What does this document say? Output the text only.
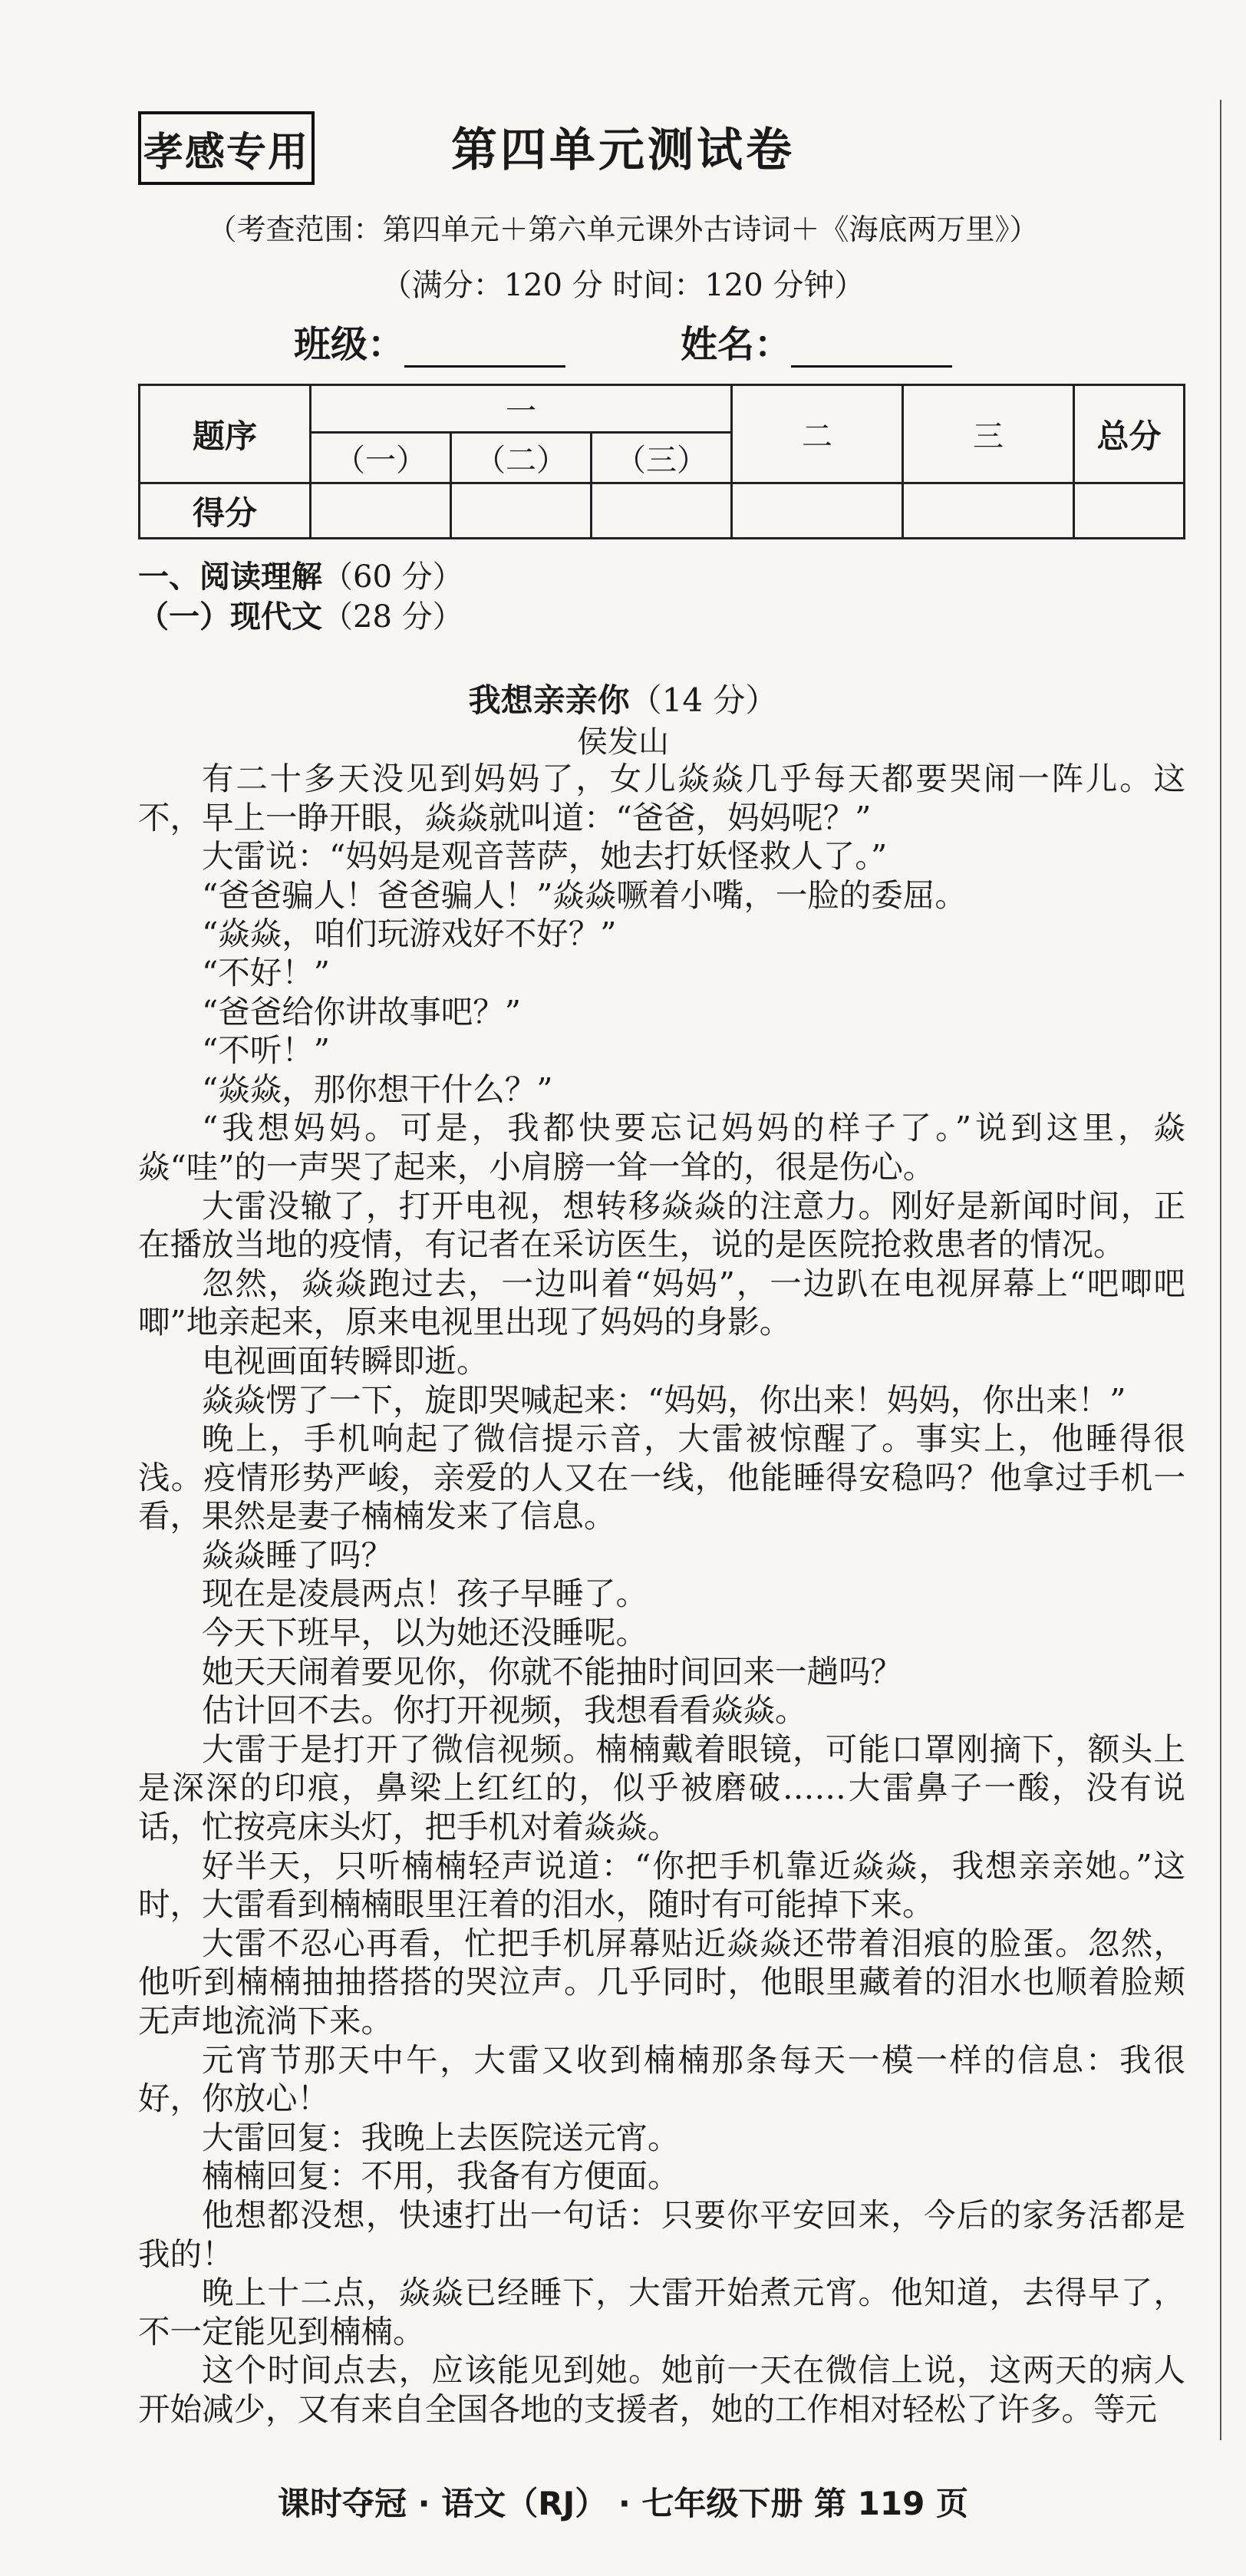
孝感专用	第四单元测试卷
（考查范围：第四单元＋第六单元课外古诗词＋《海底两万里》）
（满分：120 分 时间：120 分钟）
班级：	姓名：
题序	一			二	三	总分
	（一）	（二）	（三）			
得分						
一、阅读理解（60 分）
（一）现代文（28 分）
我想亲亲你（14 分）
侯发山

有二十多天没见到妈妈了，女儿焱焱几乎每天都要哭闹一阵儿。这不，早上一睁开眼，焱焱就叫道：“爸爸，妈妈呢？”

大雷说：“妈妈是观音菩萨，她去打妖怪救人了。”

“爸爸骗人！爸爸骗人！”焱焱噘着小嘴，一脸的委屈。

“焱焱，咱们玩游戏好不好？”

“不好！”

“爸爸给你讲故事吧？”

“不听！”

“焱焱，那你想干什么？”

“我想妈妈。可是，我都快要忘记妈妈的样子了。”说到这里，焱焱“哇”的一声哭了起来，小肩膀一耸一耸的，很是伤心。

大雷没辙了，打开电视，想转移焱焱的注意力。刚好是新闻时间，正在播放当地的疫情，有记者在采访医生，说的是医院抢救患者的情况。

忽然，焱焱跑过去，一边叫着“妈妈”，一边趴在电视屏幕上“吧唧吧唧”地亲起来，原来电视里出现了妈妈的身影。

电视画面转瞬即逝。

焱焱愣了一下，旋即哭喊起来：“妈妈，你出来！妈妈，你出来！”

晚上，手机响起了微信提示音，大雷被惊醒了。事实上，他睡得很浅。疫情形势严峻，亲爱的人又在一线，他能睡得安稳吗？他拿过手机一看，果然是妻子楠楠发来了信息。

焱焱睡了吗？

现在是凌晨两点！孩子早睡了。

今天下班早，以为她还没睡呢。

她天天闹着要见你，你就不能抽时间回来一趟吗？

估计回不去。你打开视频，我想看看焱焱。

大雷于是打开了微信视频。楠楠戴着眼镜，可能口罩刚摘下，额头上是深深的印痕，鼻梁上红红的，似乎被磨破……大雷鼻子一酸，没有说话，忙按亮床头灯，把手机对着焱焱。

好半天，只听楠楠轻声说道：“你把手机靠近焱焱，我想亲亲她。”这时，大雷看到楠楠眼里汪着的泪水，随时有可能掉下来。

大雷不忍心再看，忙把手机屏幕贴近焱焱还带着泪痕的脸蛋。忽然，他听到楠楠抽抽搭搭的哭泣声。几乎同时，他眼里藏着的泪水也顺着脸颊无声地流淌下来。

元宵节那天中午，大雷又收到楠楠那条每天一模一样的信息：我很好，你放心！

大雷回复：我晚上去医院送元宵。

楠楠回复：不用，我备有方便面。

他想都没想，快速打出一句话：只要你平安回来，今后的家务活都是我的！

晚上十二点，焱焱已经睡下，大雷开始煮元宵。他知道，去得早了，不一定能见到楠楠。

这个时间点去，应该能见到她。她前一天在微信上说，这两天的病人开始减少，又有来自全国各地的支援者，她的工作相对轻松了许多。等元

课时夺冠 · 语文（RJ） · 七年级下册 第 119 页
